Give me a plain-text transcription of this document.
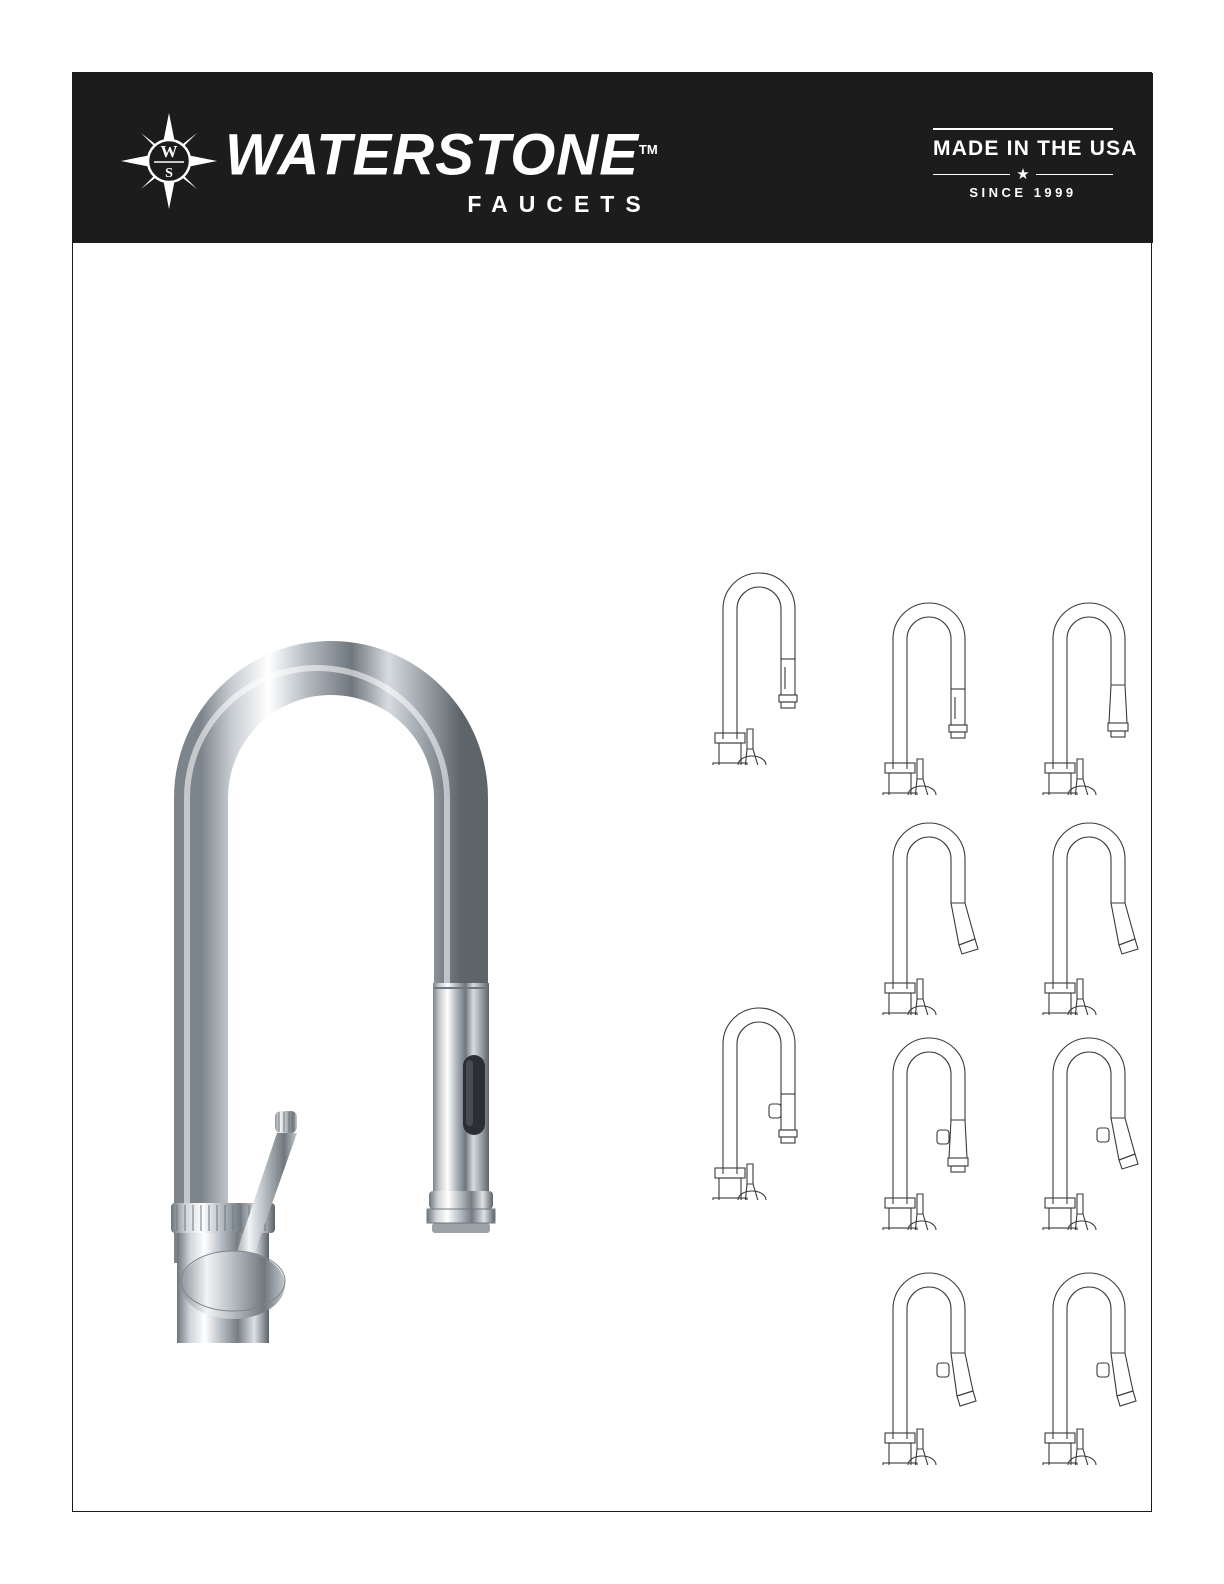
W
S WATERSTONE™
FAUCETS
MADE IN THE USA
★
SINCE 1999
